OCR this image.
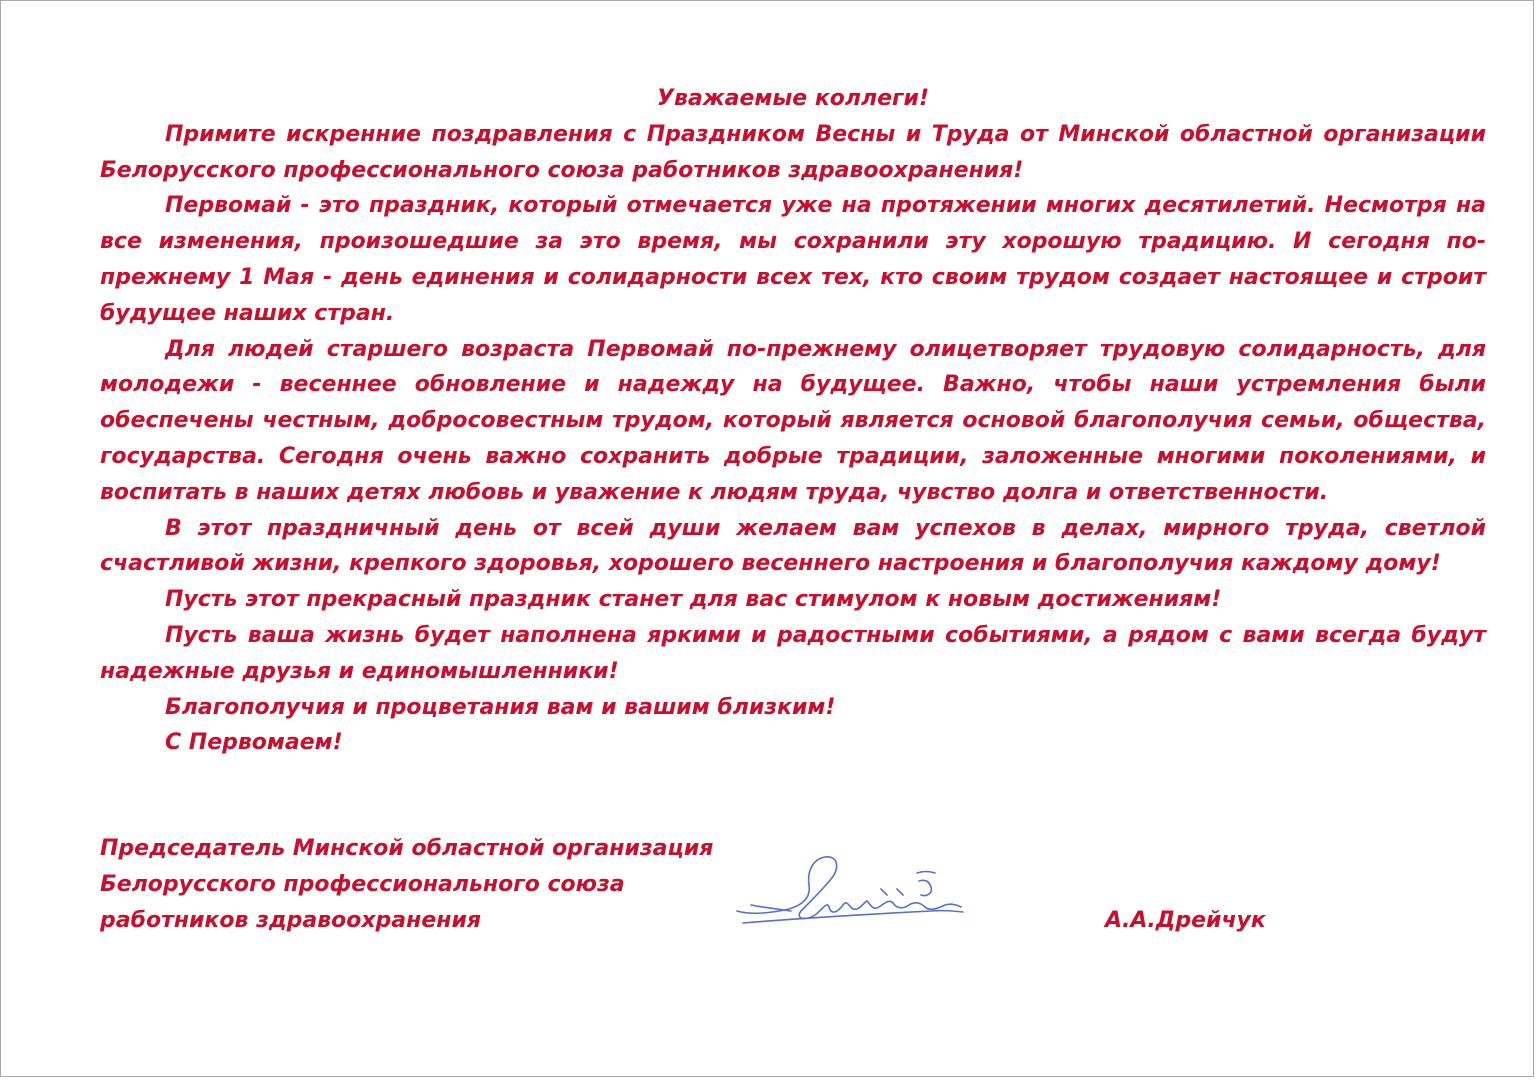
Уважаемые коллеги!

Примите искренние поздравления с Праздником Весны и Труда от Минской областной организации Белорусского профессионального союза работников здравоохранения!

Первомай - это праздник, который отмечается уже на протяжении многих десятилетий. Несмотря на все изменения, произошедшие за это время, мы сохранили эту хорошую традицию. И сегодня по-прежнему 1 Мая - день единения и солидарности всех тех, кто своим трудом создает настоящее и строит будущее наших стран.

Для людей старшего возраста Первомай по-прежнему олицетворяет трудовую солидарность, для молодежи - весеннее обновление и надежду на будущее. Важно, чтобы наши устремления были обеспечены честным, добросовестным трудом, который является основой благополучия семьи, общества, государства. Сегодня очень важно сохранить добрые традиции, заложенные многими поколениями, и воспитать в наших детях любовь и уважение к людям труда, чувство долга и ответственности.

В этот праздничный день от всей души желаем вам успехов в делах, мирного труда, светлой счастливой жизни, крепкого здоровья, хорошего весеннего настроения и благополучия каждому дому!

Пусть этот прекрасный праздник станет для вас стимулом к новым достижениям!

Пусть ваша жизнь будет наполнена яркими и радостными событиями, а рядом с вами всегда будут надежные друзья и единомышленники!

Благополучия и процветания вам и вашим близким!

С Первомаем!

Председатель Минской областной организация
Белорусского профессионального союза
работников здравоохранения	А.А.Дрейчук
